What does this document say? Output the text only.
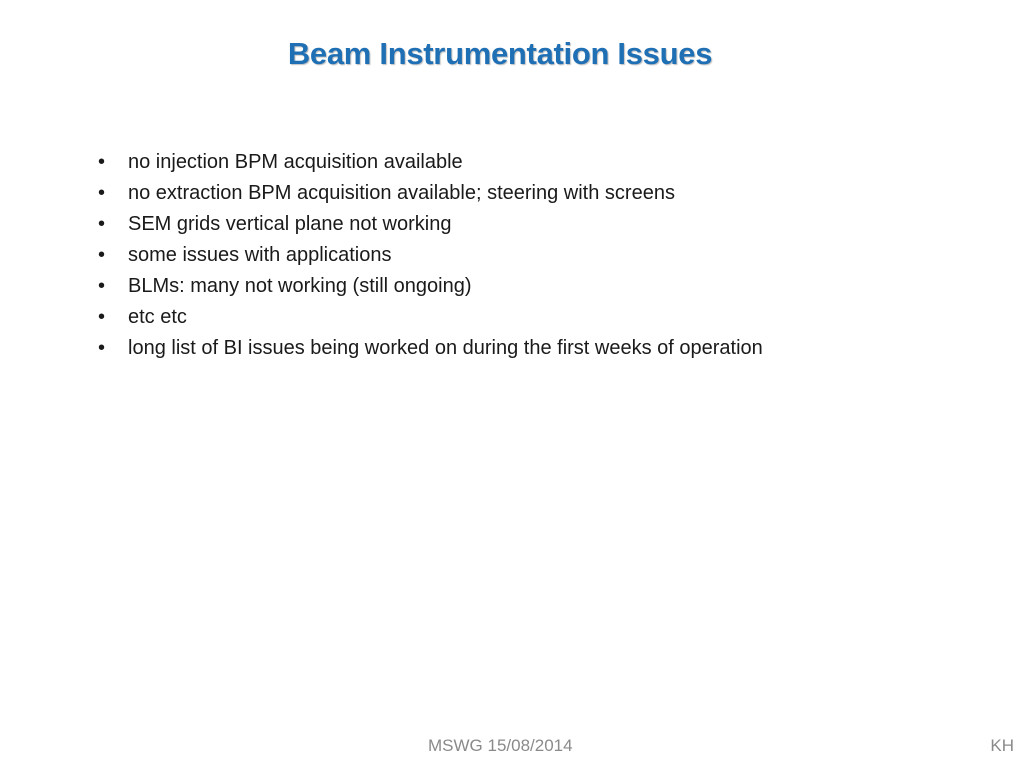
Beam Instrumentation Issues
• no injection BPM acquisition available
• no extraction BPM acquisition available; steering with screens
• SEM grids vertical plane not working
• some issues with applications
• BLMs: many not working (still ongoing)
• etc etc
• long list of BI issues being worked on during the first weeks of operation
MSWG 15/08/2014	KH
